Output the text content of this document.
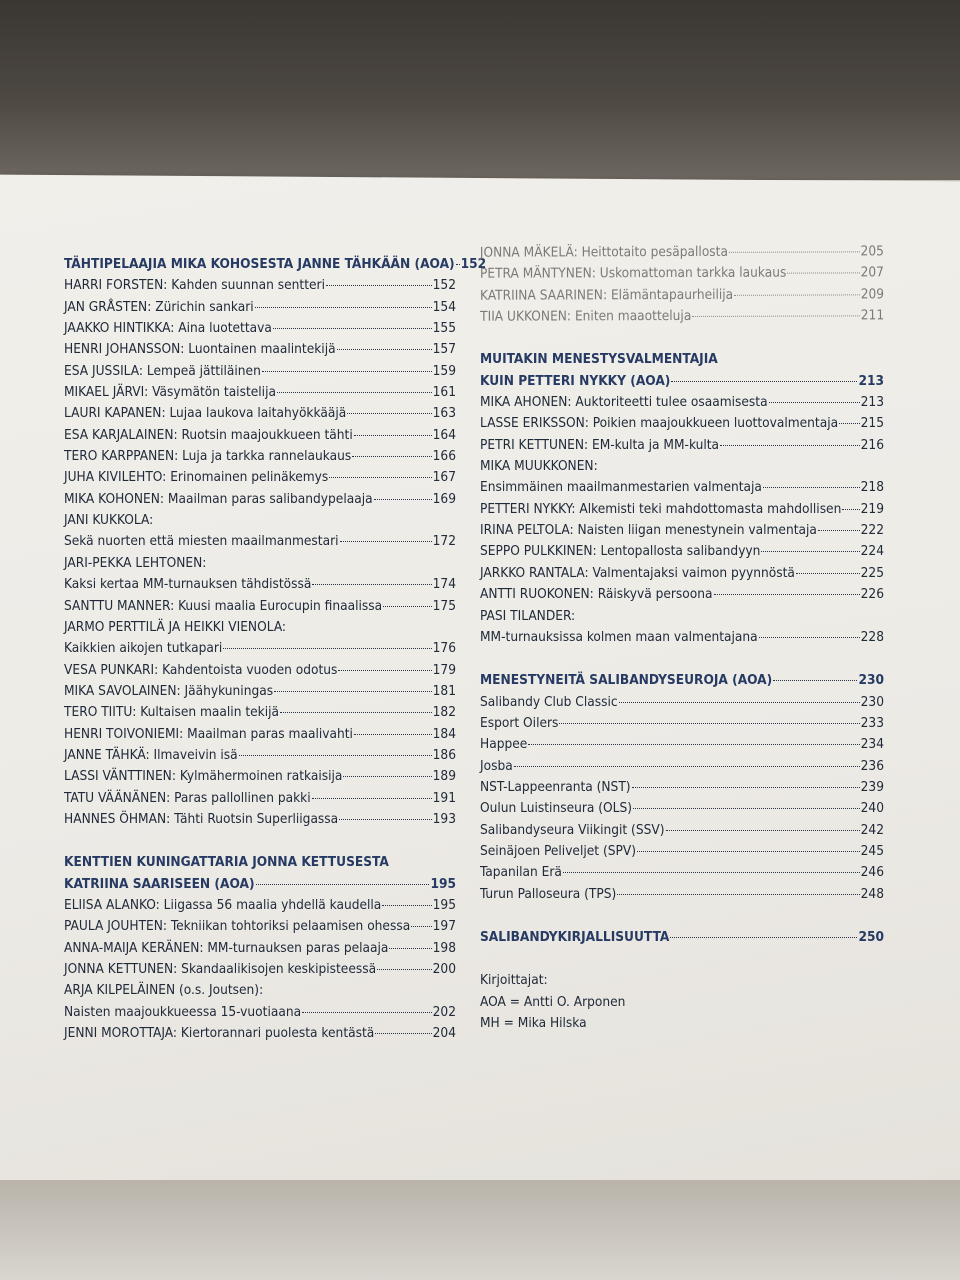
TÄHTIPELAAJIA MIKA KOHOSESTA JANNE TÄHKÄÄN (AOA) 152
HARRI FORSTEN: Kahden suunnan sentteri	152
JAN GRÅSTEN: Zürichin sankari	154
JAAKKO HINTIKKA: Aina luotettava	155
HENRI JOHANSSON: Luontainen maalintekijä	157
ESA JUSSILA: Lempeä jättiläinen	159
MIKAEL JÄRVI: Väsymätön taistelija	161
LAURI KAPANEN: Lujaa laukova laitahyökkääjä	163
ESA KARJALAINEN: Ruotsin maajoukkueen tähti	164
TERO KARPPANEN: Luja ja tarkka rannelaukaus	166
JUHA KIVILEHTO: Erinomainen pelinäkemys	167
MIKA KOHONEN: Maailman paras salibandypelaaja	169
JANI KUKKOLA:
Sekä nuorten että miesten maailmanmestari	172
JARI-PEKKA LEHTONEN:
Kaksi kertaa MM-turnauksen tähdistössä	174
SANTTU MANNER: Kuusi maalia Eurocupin finaalissa	175
JARMO PERTTILÄ JA HEIKKI VIENOLA:
Kaikkien aikojen tutkapari	176
VESA PUNKARI: Kahdentoista vuoden odotus	179
MIKA SAVOLAINEN: Jäähykuningas	181
TERO TIITU: Kultaisen maalin tekijä	182
HENRI TOIVONIEMI: Maailman paras maalivahti	184
JANNE TÄHKÄ: Ilmaveivin isä	186
LASSI VÄNTTINEN: Kylmähermoinen ratkaisija	189
TATU VÄÄNÄNEN: Paras pallollinen pakki	191
HANNES ÖHMAN: Tähti Ruotsin Superliigassa	193
KENTTIEN KUNINGATTARIA JONNA KETTUSESTA
KATRIINA SAARISEEN (AOA)	195
ELIISA ALANKO: Liigassa 56 maalia yhdellä kaudella	195
PAULA JOUHTEN: Tekniikan tohtoriksi pelaamisen ohessa 197
ANNA-MAIJA KERÄNEN: MM-turnauksen paras pelaaja	198
JONNA KETTUNEN: Skandaalikisojen keskipisteessä	200
ARJA KILPELÄINEN (o.s. Joutsen):
Naisten maajoukkueessa 15-vuotiaana	202
JENNI MOROTTAJA: Kiertorannari puolesta kentästä	204
JONNA MÄKELÄ: Heittotaito pesäpallosta	205
PETRA MÄNTYNEN: Uskomattoman tarkka laukaus	207
KATRIINA SAARINEN: Elämäntapaurheilija	209
TIIA UKKONEN: Eniten maaotteluja	211
MUITAKIN MENESTYSVALMENTAJIA
KUIN PETTERI NYKKY (AOA)	213
MIKA AHONEN: Auktoriteetti tulee osaamisesta	213
LASSE ERIKSSON: Poikien maajoukkueen luottovalmentaja 215
PETRI KETTUNEN: EM-kulta ja MM-kulta	216
MIKA MUUKKONEN:
Ensimmäinen maailmanmestarien valmentaja	218
PETTERI NYKKY: Alkemisti teki mahdottomasta mahdollisen 219
IRINA PELTOLA: Naisten liigan menestynein valmentaja	222
SEPPO PULKKINEN: Lentopallosta salibandyyn	224
JARKKO RANTALA: Valmentajaksi vaimon pyynnöstä	225
ANTTI RUOKONEN: Räiskyvä persoona	226
PASI TILANDER:
MM-turnauksissa kolmen maan valmentajana	228
MENESTYNEITÄ SALIBANDYSEUROJA (AOA)	230
Salibandy Club Classic	230
Esport Oilers	233
Happee	234
Josba	236
NST-Lappeenranta (NST)	239
Oulun Luistinseura (OLS)	240
Salibandyseura Viikingit (SSV)	242
Seinäjoen Peliveljet (SPV)	245
Tapanilan Erä	246
Turun Palloseura (TPS)	248
SALIBANDYKIRJALLISUUTTA	250
Kirjoittajat:
AOA = Antti O. Arponen
MH = Mika Hilska
